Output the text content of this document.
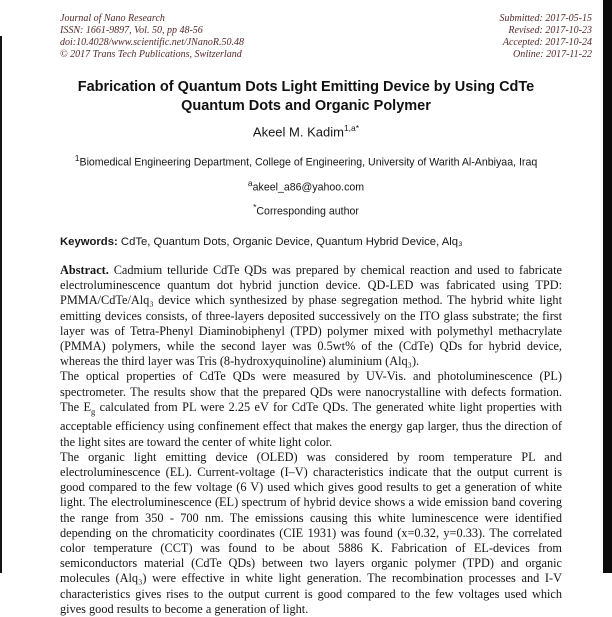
Journal of Nano Research
ISSN: 1661-9897, Vol. 50, pp 48-56
doi:10.4028/www.scientific.net/JNanoR.50.48
© 2017 Trans Tech Publications, Switzerland
Submitted: 2017-05-15
Revised: 2017-10-23
Accepted: 2017-10-24
Online: 2017-11-22
Fabrication of Quantum Dots Light Emitting Device by Using CdTe Quantum Dots and Organic Polymer
Akeel M. Kadim$^{1,a*}$
$^1$Biomedical Engineering Department, College of Engineering, University of Warith Al-Anbiyaa, Iraq
$^a$akeel_a86@yahoo.com
*Corresponding author
Keywords: CdTe, Quantum Dots, Organic Device, Quantum Hybrid Device, Alq₃

Abstract. Cadmium telluride CdTe QDs was prepared by chemical reaction and used to fabricate electroluminescence quantum dot hybrid junction device. QD-LED was fabricated using TPD: PMMA/CdTe/Alq₃ device which synthesized by phase segregation method. The hybrid white light emitting devices consists, of three-layers deposited successively on the ITO glass substrate; the first layer was of Tetra-Phenyl Diaminobiphenyl (TPD) polymer mixed with polymethyl methacrylate (PMMA) polymers, while the second layer was 0.5wt% of the (CdTe) QDs for hybrid device, whereas the third layer was Tris (8-hydroxyquinoline) aluminium (Alq₃).

The optical properties of CdTe QDs were measured by UV-Vis. and photoluminescence (PL) spectrometer. The results show that the prepared QDs were nanocrystalline with defects formation. The $E_g$ calculated from PL were 2.25 eV for CdTe QDs. The generated white light properties with acceptable efficiency using confinement effect that makes the energy gap larger, thus the direction of the light sites are toward the center of white light color.

The organic light emitting device (OLED) was considered by room temperature PL and electroluminescence (EL). Current-voltage (I–V) characteristics indicate that the output current is good compared to the few voltage (6 V) used which gives good results to get a generation of white light. The electroluminescence (EL) spectrum of hybrid device shows a wide emission band covering the range from 350 - 700 nm. The emissions causing this white luminescence were identified depending on the chromaticity coordinates (CIE 1931) was found (x=0.32, y=0.33). The correlated color temperature (CCT) was found to be about 5886 K. Fabrication of EL-devices from semiconductors material (CdTe QDs) between two layers organic polymer (TPD) and organic molecules (Alq₃) were effective in white light generation. The recombination processes and I-V characteristics gives rises to the output current is good compared to the few voltages used which gives good results to become a generation of light.
